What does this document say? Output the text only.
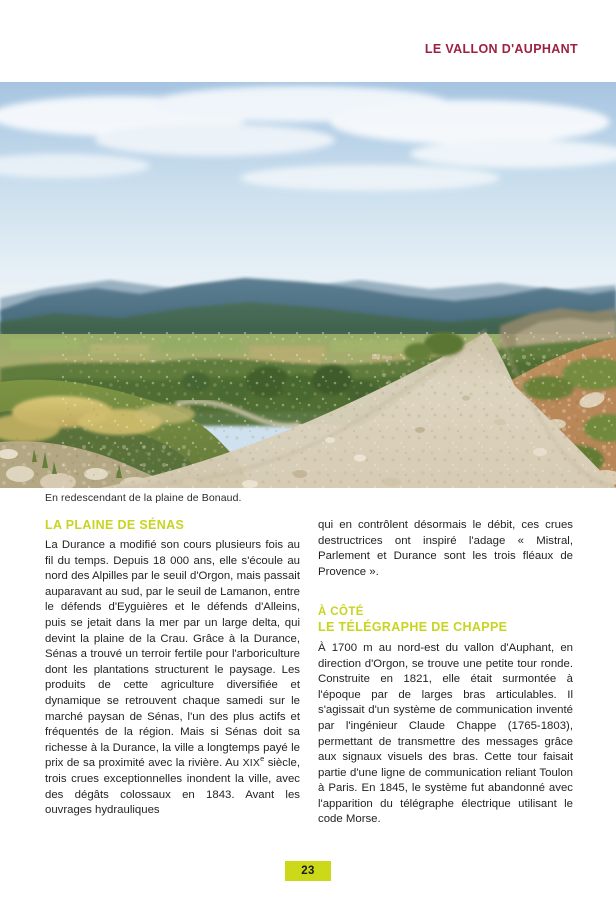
LE VALLON D'AUPHANT
En redescendant de la plaine de Bonaud.
LA PLAINE DE SÉNAS

La Durance a modifié son cours plusieurs fois au fil du temps. Depuis 18 000 ans, elle s'écoule au nord des Alpilles par le seuil d'Orgon, mais passait auparavant au sud, par le seuil de Lamanon, entre le défends d'Eyguières et le défends d'Alleins, puis se jetait dans la mer par un large delta, qui devint la plaine de la Crau. Grâce à la Durance, Sénas a trouvé un terroir fertile pour l'arboriculture dont les plantations structurent le paysage. Les produits de cette agriculture diversifiée et dynamique se retrouvent chaque samedi sur le marché paysan de Sénas, l'un des plus actifs et fréquentés de la région. Mais si Sénas doit sa richesse à la Durance, la ville a longtemps payé le prix de sa proximité avec la rivière. Au XIXe siècle, trois crues exceptionnelles inondent la ville, avec des dégâts colossaux en 1843. Avant les ouvrages hydrauliques

qui en contrôlent désormais le débit, ces crues destructrices ont inspiré l'adage « Mistral, Parlement et Durance sont les trois fléaux de Provence ».

À CÔTÉ
LE TÉLÉGRAPHE DE CHAPPE

À 1700 m au nord-est du vallon d'Auphant, en direction d'Orgon, se trouve une petite tour ronde. Construite en 1821, elle était surmontée à l'époque par de larges bras articulables. Il s'agissait d'un système de communication inventé par l'ingénieur Claude Chappe (1765-1803), permettant de transmettre des messages grâce aux signaux visuels des bras. Cette tour faisait partie d'une ligne de communication reliant Toulon à Paris. En 1845, le système fut abandonné avec l'apparition du télégraphe électrique utilisant le code Morse.

23
